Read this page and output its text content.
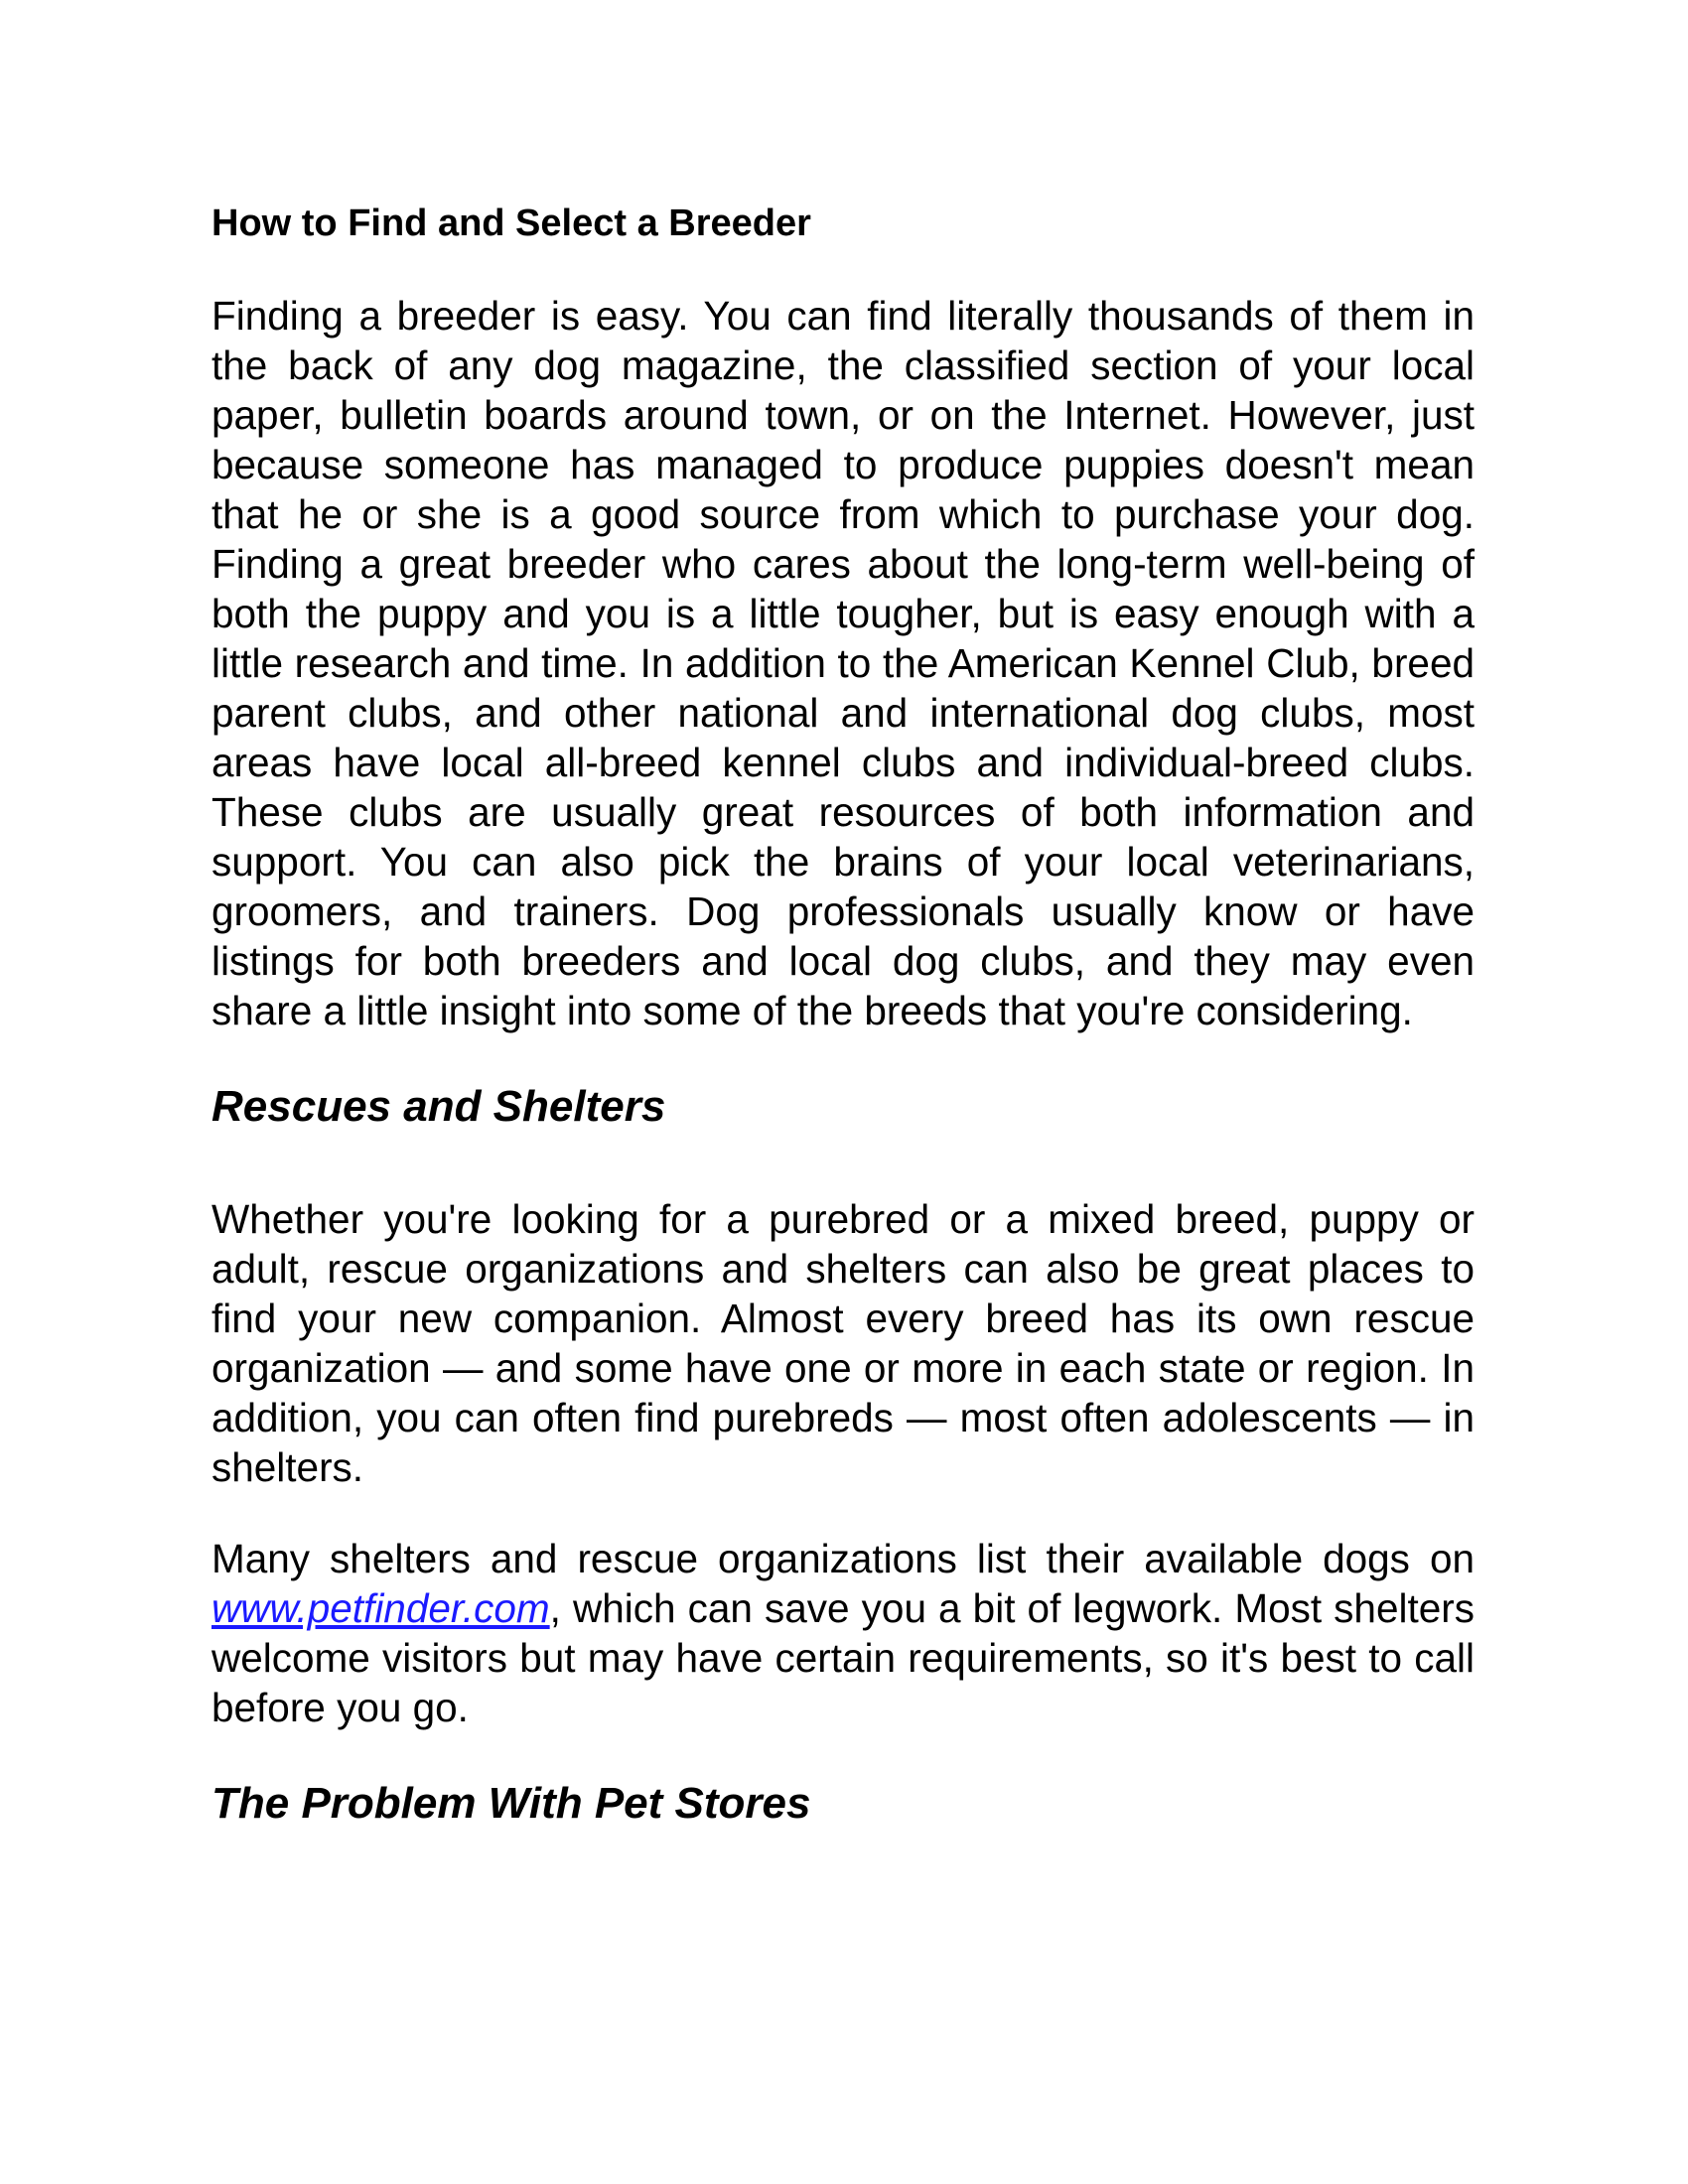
How to Find and Select a Breeder

Finding a breeder is easy. You can find literally thousands of them in the back of any dog magazine, the classified section of your local paper, bulletin boards around town, or on the Internet. However, just because someone has managed to produce puppies doesn't mean that he or she is a good source from which to purchase your dog. Finding a great breeder who cares about the long-term well-being of both the puppy and you is a little tougher, but is easy enough with a little research and time. In addition to the American Kennel Club, breed parent clubs, and other national and international dog clubs, most areas have local all-breed kennel clubs and individual-breed clubs. These clubs are usually great resources of both information and support. You can also pick the brains of your local veterinarians, groomers, and trainers. Dog professionals usually know or have listings for both breeders and local dog clubs, and they may even share a little insight into some of the breeds that you're considering.

Rescues and Shelters

Whether you're looking for a purebred or a mixed breed, puppy or adult, rescue organizations and shelters can also be great places to find your new companion. Almost every breed has its own rescue organization — and some have one or more in each state or region. In addition, you can often find purebreds — most often adolescents — in shelters.

Many shelters and rescue organizations list their available dogs on www.petfinder.com, which can save you a bit of legwork. Most shelters welcome visitors but may have certain requirements, so it's best to call before you go.

The Problem With Pet Stores
